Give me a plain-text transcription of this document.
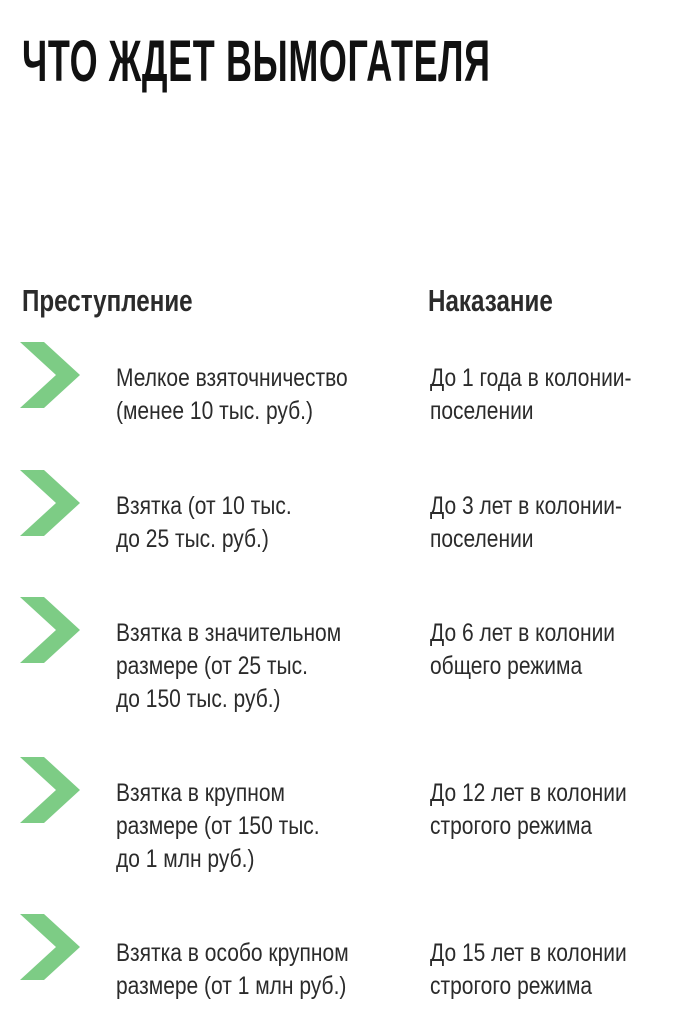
ЧТО ЖДЕТ ВЫМОГАТЕЛЯ
Преступление	Наказание

Мелкое взяточничество
(менее 10 тыс. руб.)

До 1 года в колонии-
поселении

Взятка (от 10 тыс.
до 25 тыс. руб.)

До 3 лет в колонии-
поселении

Взятка в значительном
размере (от 25 тыс.
до 150 тыс. руб.)

До 6 лет в колонии
общего режима

Взятка в крупном
размере (от 150 тыс.
до 1 млн руб.)

До 12 лет в колонии
строгого режима

Взятка в особо крупном
размере (от 1 млн руб.)

До 15 лет в колонии
строгого режима
